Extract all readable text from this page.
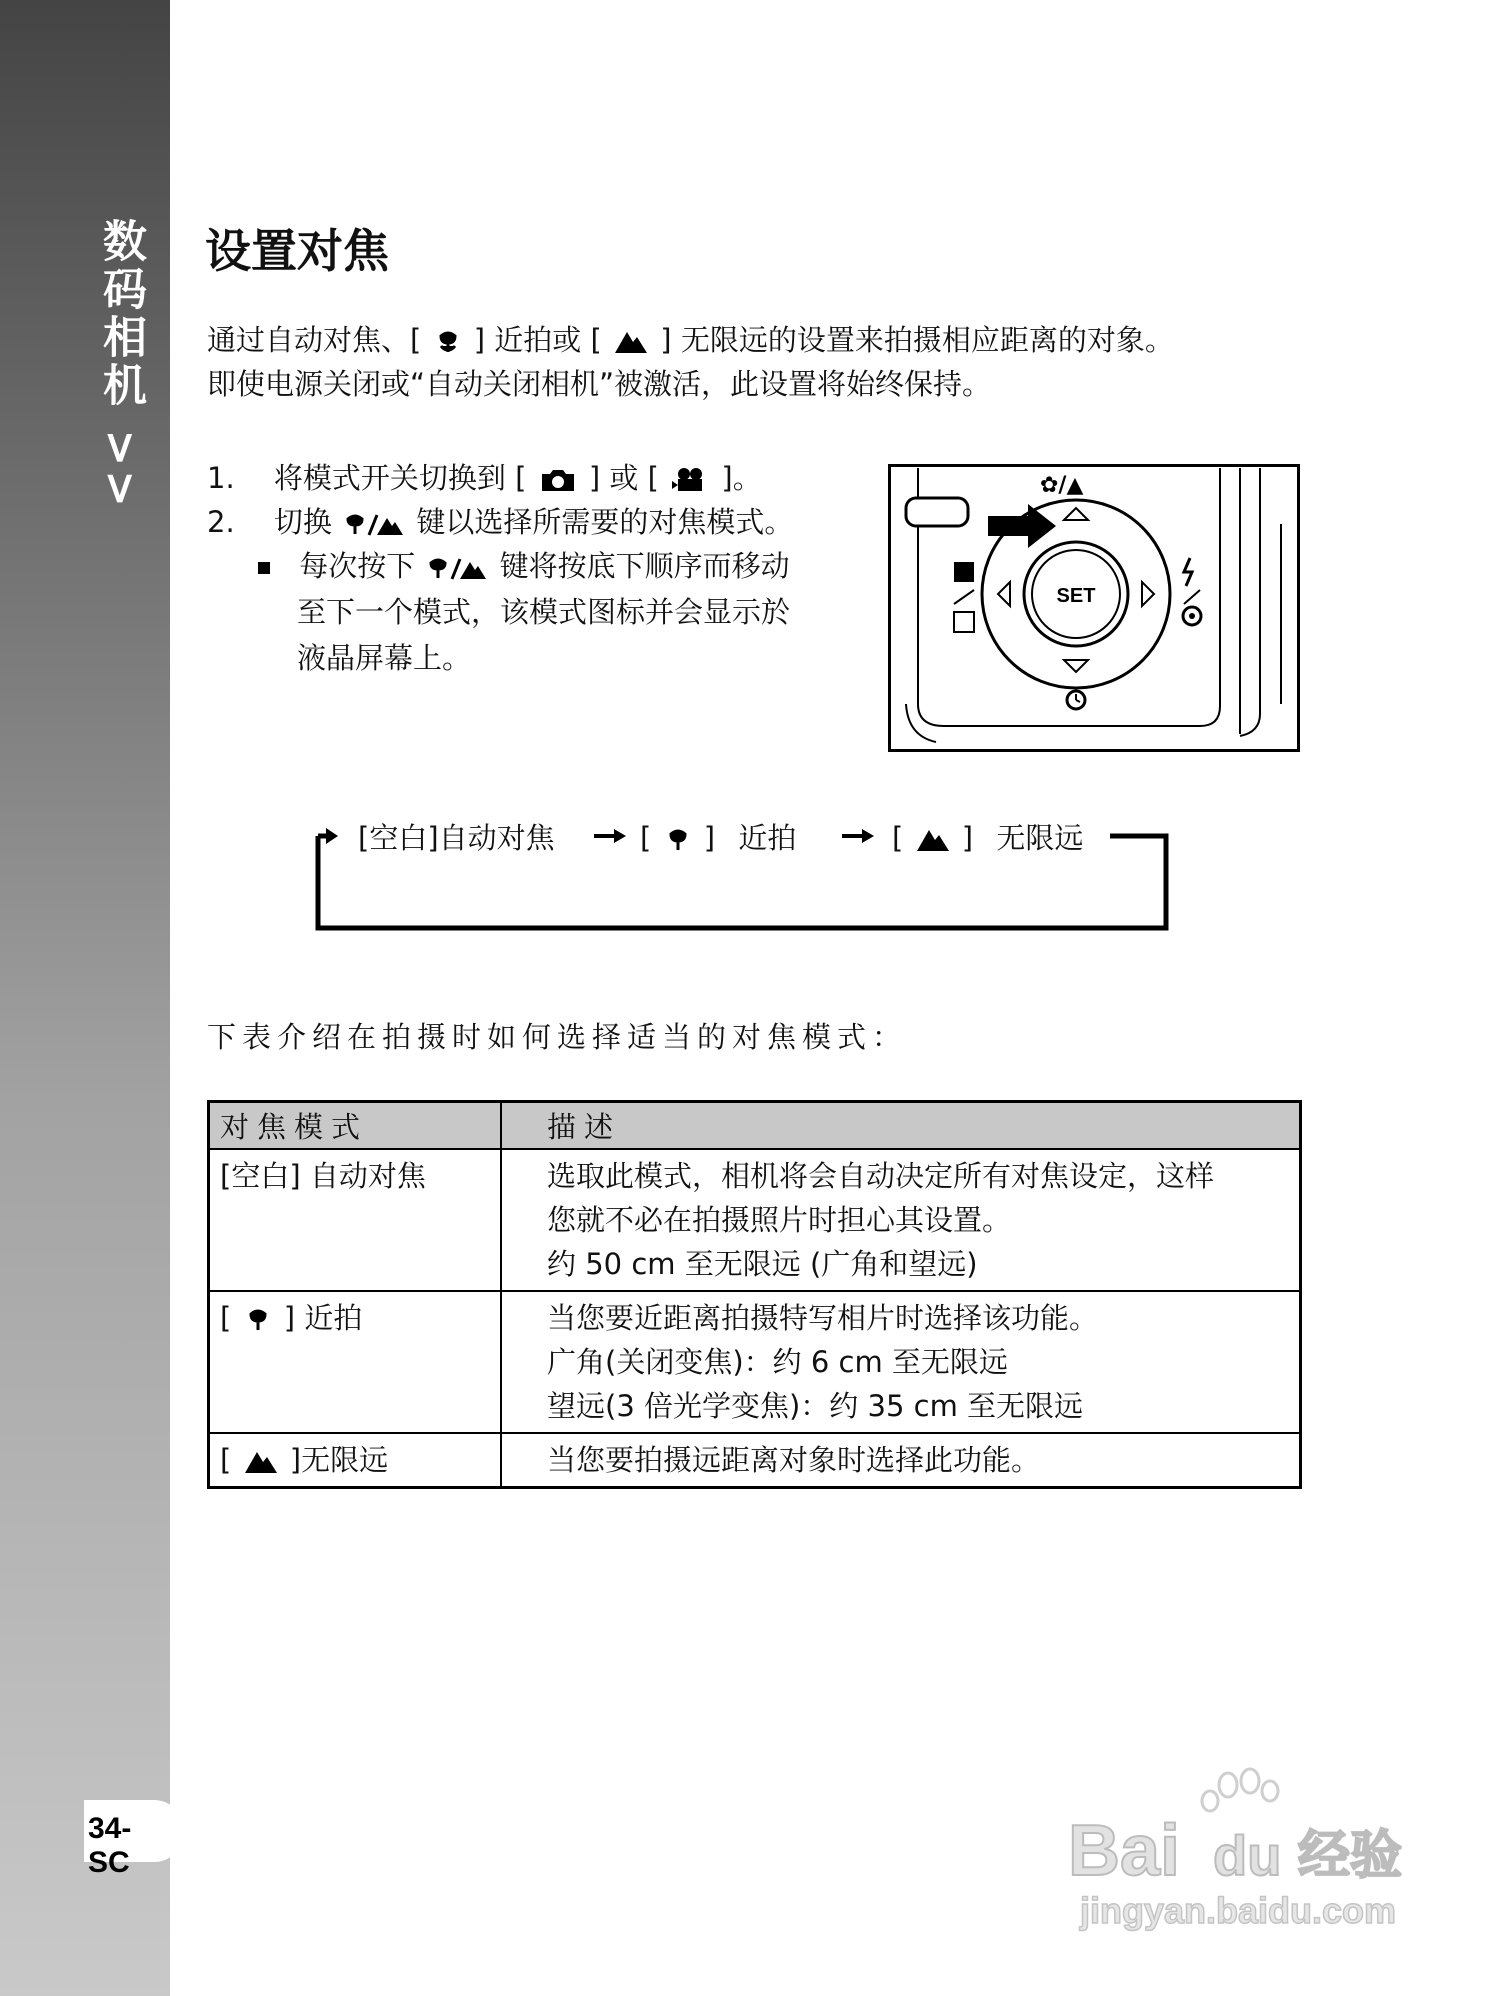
数码相机 >>
34-SC
设置对焦
通过自动对焦、[ ] 近拍或 [ ] 无限远的设置来拍摄相应距离的对象。
即使电源关闭或“自动关闭相机”被激活，此设置将始终保持。
1. 将模式开关切换到 [ ] 或 [ ]。
2. 切换	键以选择所需要的对焦模式。
每次按下	键将按底下顺序而移动
至下一个模式，该模式图标并会显示於
液晶屏幕上。
✿/▲
SET
[空白]自动对焦	[ ] 近拍	[ ] 无限远
下表介绍在拍摄时如何选择适当的对焦模式：
对焦模式	描述
[空白] 自动对焦	选取此模式，相机将会自动决定所有对焦设定，这样
您就不必在拍摄照片时担心其设置。
约 50 cm 至无限远 (广角和望远)

[ ] 近拍	当您要近距离拍摄特写相片时选择该功能。
广角(关闭变焦)：约 6 cm 至无限远
望远(3 倍光学变焦)：约 35 cm 至无限远

[ ]无限远	当您要拍摄远距离对象时选择此功能。
Bai du 经验
jingyan.baidu.com
